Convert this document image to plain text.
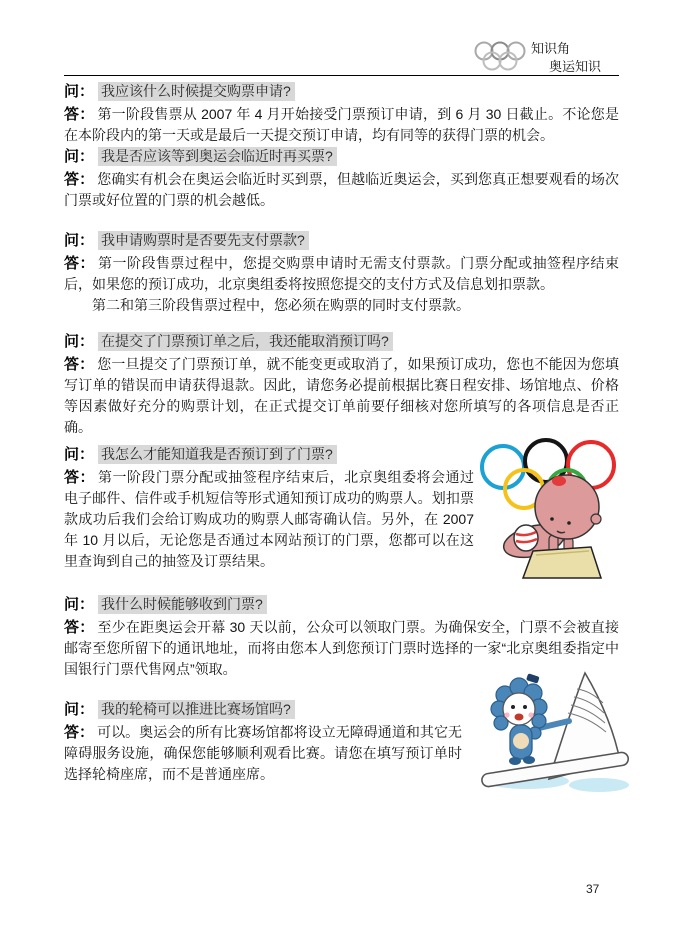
知识角
奥运知识
问： 我应该什么时候提交购票申请?

答： 第一阶段售票从 2007 年 4 月开始接受门票预订申请，到 6 月 30 日截止。不论您是在本阶段内的第一天或是最后一天提交预订申请，均有同等的获得门票的机会。

问： 我是否应该等到奥运会临近时再买票?

答： 您确实有机会在奥运会临近时买到票，但越临近奥运会，买到您真正想要观看的场次门票或好位置的门票的机会越低。

问： 我申请购票时是否要先支付票款?

答： 第一阶段售票过程中，您提交购票申请时无需支付票款。门票分配或抽签程序结束后，如果您的预订成功，北京奥组委将按照您提交的支付方式及信息划扣票款。

第二和第三阶段售票过程中，您必须在购票的同时支付票款。

问： 在提交了门票预订单之后，我还能取消预订吗?

答： 您一旦提交了门票预订单，就不能变更或取消了，如果预订成功，您也不能因为您填写订单的错误而申请获得退款。因此，请您务必提前根据比赛日程安排、场馆地点、价格等因素做好充分的购票计划，在正式提交订单前要仔细核对您所填写的各项信息是否正确。

问： 我怎么才能知道我是否预订到了门票?

答： 第一阶段门票分配或抽签程序结束后，北京奥组委将会通过电子邮件、信件或手机短信等形式通知预订成功的购票人。划扣票款成功后我们会给订购成功的购票人邮寄确认信。另外，在 2007 年 10 月以后，无论您是否通过本网站预订的门票，您都可以在这里查询到自己的抽签及订票结果。

问： 我什么时候能够收到门票?

答： 至少在距奥运会开幕 30 天以前，公众可以领取门票。为确保安全，门票不会被直接邮寄至您所留下的通讯地址，而将由您本人到您预订门票时选择的一家“北京奥组委指定中国银行门票代售网点”领取。

问： 我的轮椅可以推进比赛场馆吗?

答： 可以。奥运会的所有比赛场馆都将设立无障碍通道和其它无障碍服务设施，确保您能够顺利观看比赛。请您在填写预订单时选择轮椅座席，而不是普通座席。

37
